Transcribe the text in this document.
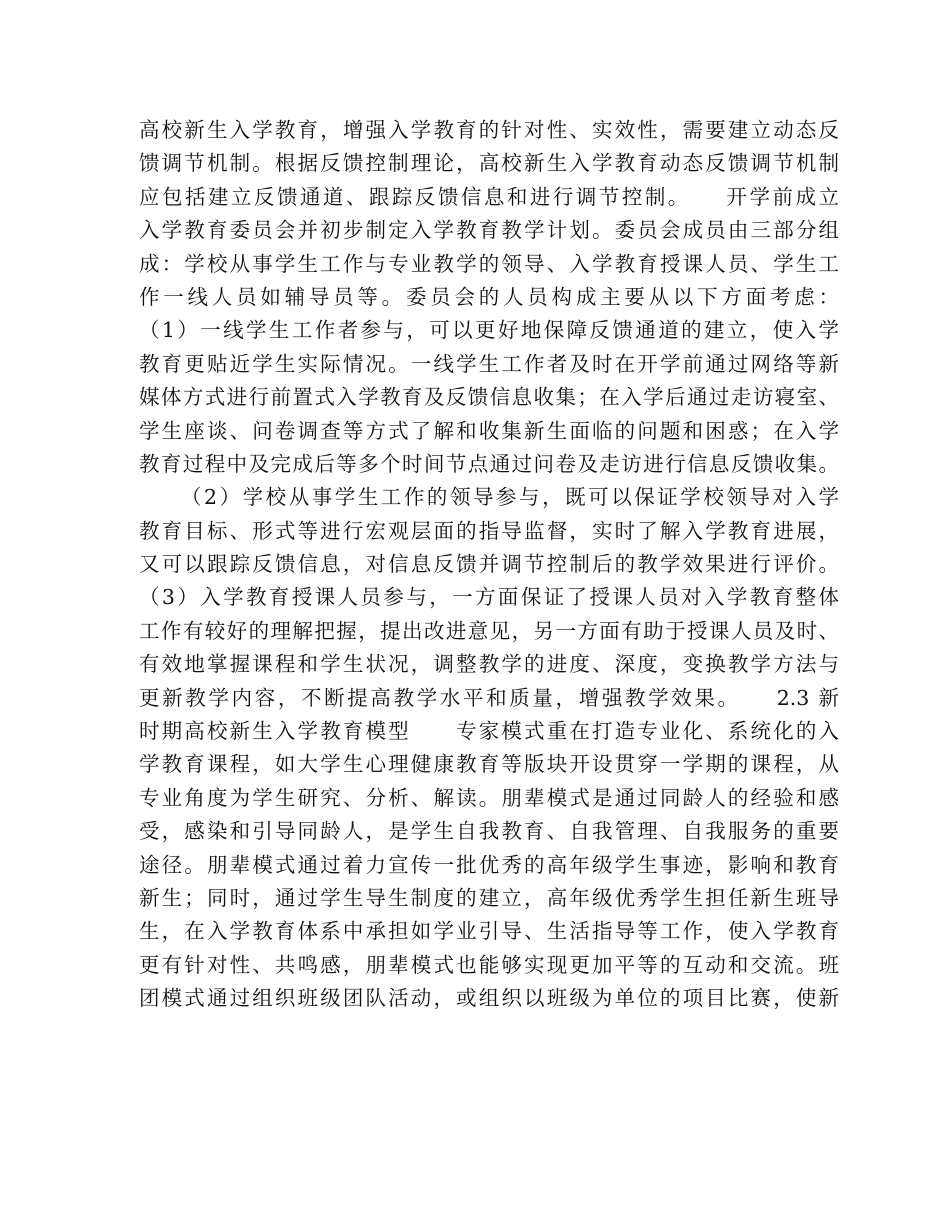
高校新生入学教育，增强入学教育的针对性、实效性，需要建立动态反
馈调节机制。根据反馈控制理论，高校新生入学教育动态反馈调节机制
应包括建立反馈通道、跟踪反馈信息和进行调节控制。　　开学前成立
入学教育委员会并初步制定入学教育教学计划。委员会成员由三部分组
成：学校从事学生工作与专业教学的领导、入学教育授课人员、学生工
作一线人员如辅导员等。委员会的人员构成主要从以下方面考虑：
（1）一线学生工作者参与，可以更好地保障反馈通道的建立，使入学
教育更贴近学生实际情况。一线学生工作者及时在开学前通过网络等新
媒体方式进行前置式入学教育及反馈信息收集；在入学后通过走访寝室、
学生座谈、问卷调查等方式了解和收集新生面临的问题和困惑；在入学
教育过程中及完成后等多个时间节点通过问卷及走访进行信息反馈收集。
（2）学校从事学生工作的领导参与，既可以保证学校领导对入学
教育目标、形式等进行宏观层面的指导监督，实时了解入学教育进展，
又可以跟踪反馈信息，对信息反馈并调节控制后的教学效果进行评价。
（3）入学教育授课人员参与，一方面保证了授课人员对入学教育整体
工作有较好的理解把握，提出改进意见，另一方面有助于授课人员及时、
有效地掌握课程和学生状况，调整教学的进度、深度，变换教学方法与
更新教学内容，不断提高教学水平和质量，增强教学效果。　　2.3 新
时期高校新生入学教育模型　　专家模式重在打造专业化、系统化的入
学教育课程，如大学生心理健康教育等版块开设贯穿一学期的课程，从
专业角度为学生研究、分析、解读。朋辈模式是通过同龄人的经验和感
受，感染和引导同龄人，是学生自我教育、自我管理、自我服务的重要
途径。朋辈模式通过着力宣传一批优秀的高年级学生事迹，影响和教育
新生；同时，通过学生导生制度的建立，高年级优秀学生担任新生班导
生，在入学教育体系中承担如学业引导、生活指导等工作，使入学教育
更有针对性、共鸣感，朋辈模式也能够实现更加平等的互动和交流。班
团模式通过组织班级团队活动，或组织以班级为单位的项目比赛，使新
